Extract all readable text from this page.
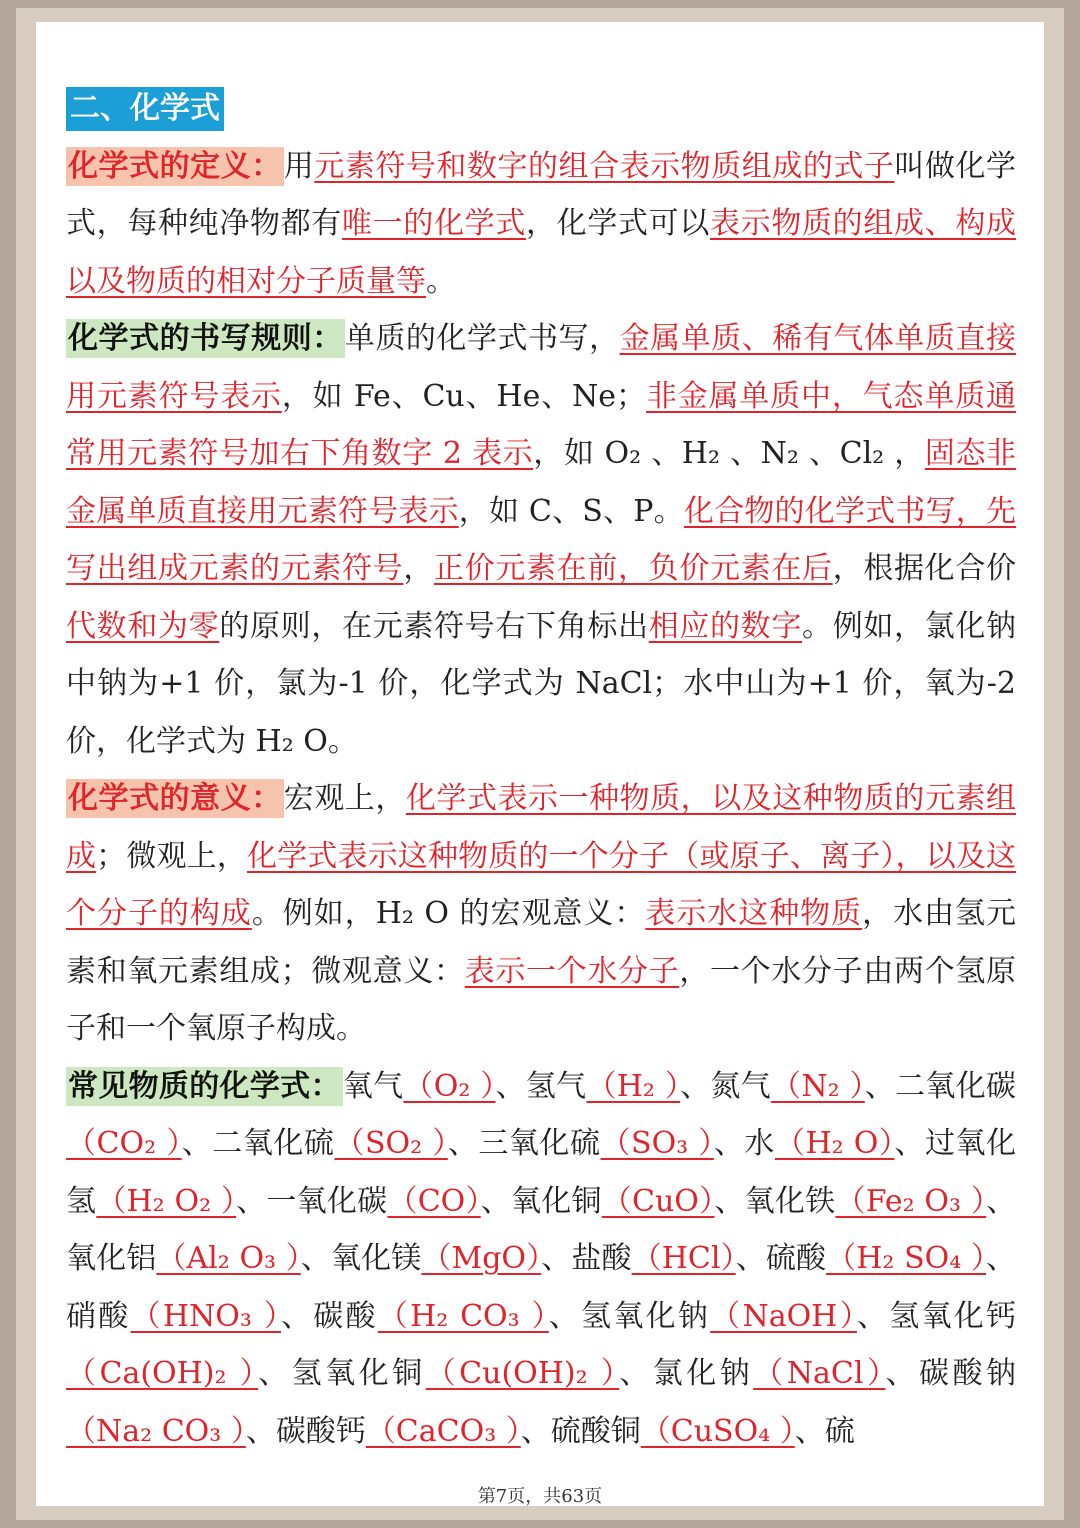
二、化学式

化学式的定义：用元素符号和数字的组合表示物质组成的式子叫做化学式，每种纯净物都有唯一的化学式，化学式可以表示物质的组成、构成以及物质的相对分子质量等。

化学式的书写规则：单质的化学式书写，金属单质、稀有气体单质直接用元素符号表示，如 Fe、Cu、He、Ne；非金属单质中，气态单质通常用元素符号加右下角数字 2 表示，如 O₂ 、H₂ 、N₂ 、Cl₂ ，固态非金属单质直接用元素符号表示，如 C、S、P。化合物的化学式书写，先写出组成元素的元素符号，正价元素在前，负价元素在后，根据化合价代数和为零的原则，在元素符号右下角标出相应的数字。例如，氯化钠中钠为+1 价，氯为-1 价，化学式为 NaCl；水中山为+1 价，氧为-2 价，化学式为 H₂ O。

化学式的意义：宏观上，化学式表示一种物质，以及这种物质的元素组成；微观上，化学式表示这种物质的一个分子（或原子、离子），以及这个分子的构成。例如，H₂ O 的宏观意义：表示水这种物质，水由氢元素和氧元素组成；微观意义：表示一个水分子，一个水分子由两个氢原子和一个氧原子构成。

常见物质的化学式：氧气（O₂ ）、氢气（H₂ ）、氮气（N₂ ）、二氧化碳（CO₂ ）、二氧化硫（SO₂ ）、三氧化硫（SO₃ ）、水（H₂ O）、过氧化氢（H₂ O₂ ）、一氧化碳（CO）、氧化铜（CuO）、氧化铁（Fe₂ O₃ ）、氧化铝（Al₂ O₃ ）、氧化镁（MgO）、盐酸（HCl）、硫酸（H₂ SO₄ ）、硝酸（HNO₃ ）、碳酸（H₂ CO₃ ）、氢氧化钠（NaOH）、氢氧化钙（Ca(OH)₂ ）、氢氧化铜（Cu(OH)₂ ）、氯化钠（NaCl）、碳酸钠（Na₂ CO₃ ）、碳酸钙（CaCO₃ ）、硫酸铜（CuSO₄ ）、硫

第7页，共63页
